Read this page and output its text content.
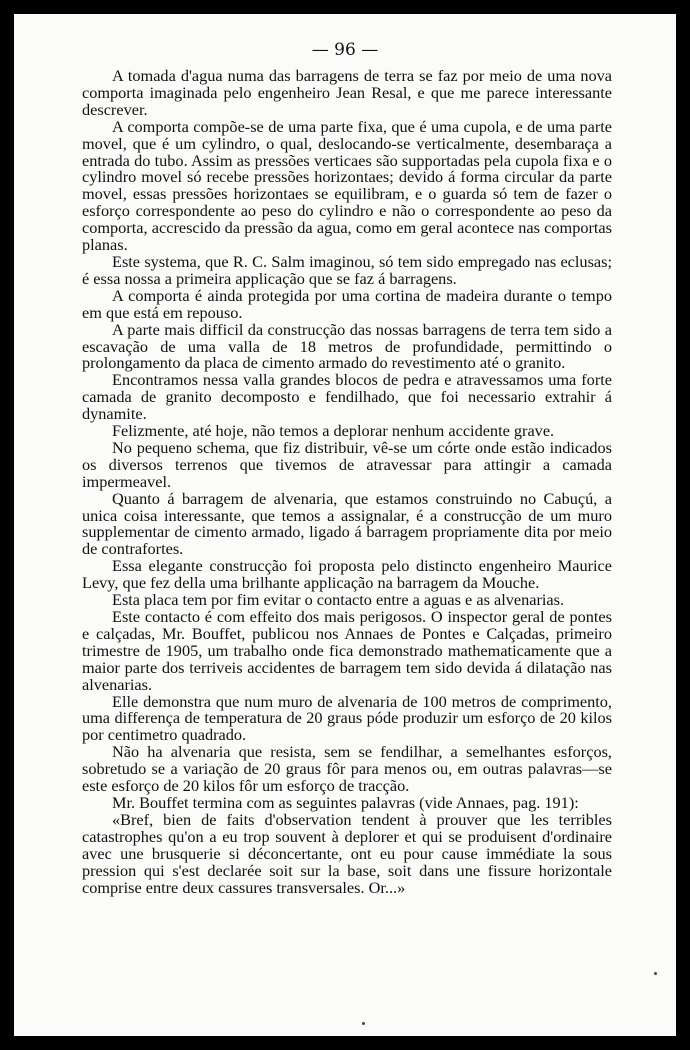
— 96 —

A tomada d'agua numa das barragens de terra se faz por meio de uma nova comporta imaginada pelo engenheiro Jean Resal, e que me parece interessante descrever.

A comporta compõe-se de uma parte fixa, que é uma cupola, e de uma parte movel, que é um cylindro, o qual, deslocando-se verticalmente, desembaraça a entrada do tubo. Assim as pressões verticaes são supportadas pela cupola fixa e o cylindro movel só recebe pressões horizontaes; devido á forma circular da parte movel, essas pressões horizontaes se equilibram, e o guarda só tem de fazer o esforço correspondente ao peso do cylindro e não o correspondente ao peso da comporta, accrescido da pressão da agua, como em geral acontece nas comportas planas.

Este systema, que R. C. Salm imaginou, só tem sido empregado nas eclusas; é essa nossa a primeira applicação que se faz á barragens.

A comporta é ainda protegida por uma cortina de madeira durante o tempo em que está em repouso.

A parte mais difficil da construcção das nossas barragens de terra tem sido a escavação de uma valla de 18 metros de profundidade, permittindo o prolongamento da placa de cimento armado do revestimento até o granito.

Encontramos nessa valla grandes blocos de pedra e atravessamos uma forte camada de granito decomposto e fendilhado, que foi necessario extrahir á dynamite.

Felizmente, até hoje, não temos a deplorar nenhum accidente grave.

No pequeno schema, que fiz distribuir, vê-se um córte onde estão indicados os diversos terrenos que tivemos de atravessar para attingir a camada impermeavel.

Quanto á barragem de alvenaria, que estamos construindo no Cabuçú, a unica coisa interessante, que temos a assignalar, é a construcção de um muro supplementar de cimento armado, ligado á barragem propriamente dita por meio de contrafortes.

Essa elegante construcção foi proposta pelo distincto engenheiro Maurice Levy, que fez della uma brilhante applicação na barragem da Mouche.

Esta placa tem por fim evitar o contacto entre a aguas e as alvenarias.

Este contacto é com effeito dos mais perigosos. O inspector geral de pontes e calçadas, Mr. Bouffet, publicou nos Annaes de Pontes e Calçadas, primeiro trimestre de 1905, um trabalho onde fica demonstrado mathematicamente que a maior parte dos terriveis accidentes de barragem tem sido devida á dilatação nas alvenarias.

Elle demonstra que num muro de alvenaria de 100 metros de comprimento, uma differença de temperatura de 20 graus póde produzir um esforço de 20 kilos por centimetro quadrado.

Não ha alvenaria que resista, sem se fendilhar, a semelhantes esforços, sobretudo se a variação de 20 graus fôr para menos ou, em outras palavras—se este esforço de 20 kilos fôr um esforço de tracção.

Mr. Bouffet termina com as seguintes palavras (vide Annaes, pag. 191):

«Bref, bien de faits d'observation tendent à prouver que les terribles catastrophes qu'on a eu trop souvent à deplorer et qui se produisent d'ordinaire avec une brusquerie si déconcertante, ont eu pour cause immédiate la sous pression qui s'est declarée soit sur la base, soit dans une fissure horizontale comprise entre deux cassures transversales. Or...»
